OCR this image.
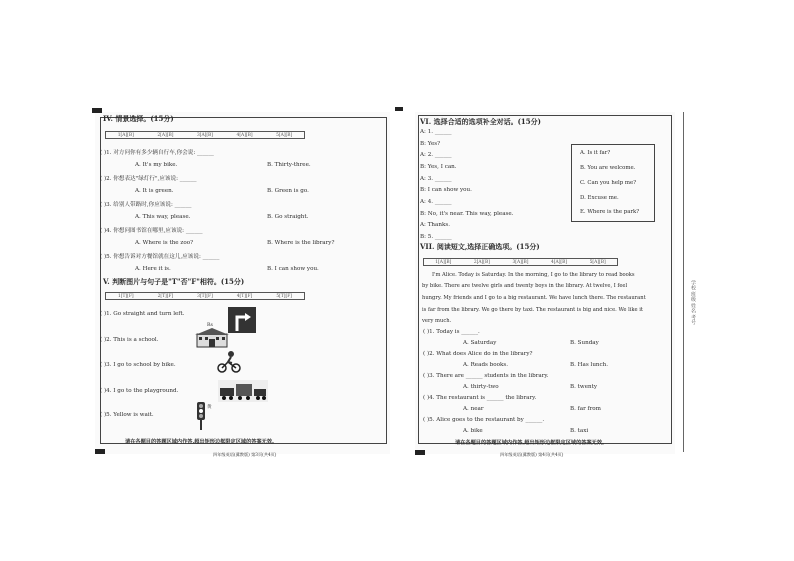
IV. 情景选择。(15分)
1[A][B]	2[A][B]	3[A][B]	4[A][B]	5[A][B]
( )1. 对方问你有多少辆自行车,你会说: ______
A. It's my bike.	B. Thirty-three.
( )2. 你想表达"绿灯行",应该说: ______
A. It is green.	B. Green is go.
( )3. 给别人带路时,你应该说: ______
A. This way, please.	B. Go straight.
( )4. 你想问图书馆在哪里,应该说: ______
A. Where is the zoo?	B. Where is the library?
( )5. 你想告诉对方餐馆就在这儿,应该说: ______
A. Here it is.	B. I can show you.
V. 判断图片与句子是"T"否"F"相符。(15分)
1[T][F]	2[T][F]	3[T][F]	4[T][F]	5[T][F]
( )1. Go straight and turn left.
( )2. This is a school.
( )3. I go to school by bike.
( )4. I go to the playground.
( )5. Yellow is wait.
Rs
黄
请在各题目的答题区域内作答,超出矩形边框限定区域的答案无效。
四年级英语(冀教版) 第3页(共4页)
VI. 选择合适的选项补全对话。(15分)
A: 1. ______
B: Yes?
A: 2. ______
B: Yes, I can.
A: 3. ______
B: I can show you.
A: 4. ______
B: No, it's near. This way, please.
A: Thanks.
B: 5. ______
A. Is it far?
B. You are welcome.
C. Can you help me?
D. Excuse me.
E. Where is the park?
VII. 阅读短文,选择正确选项。(15分)
1[A][B]	2[A][B]	3[A][B]	4[A][B]	5[A][B]
I'm Alice. Today is Saturday. In the morning, I go to the library to read books
by bike. There are twelve girls and twenty boys in the library. At twelve, I feel
hungry. My friends and I go to a big restaurant. We have lunch there. The restaurant
is far from the library. We go there by taxi. The restaurant is big and nice. We like it
very much.
( )1. Today is ______.
A. Saturday	B. Sunday
( )2. What does Alice do in the library?
A. Reads books.	B. Has lunch.
( )3. There are ______ students in the library.
A. thirty-two	B. twenty
( )4. The restaurant is ______ the library.
A. near	B. far from
( )5. Alice goes to the restaurant by ______.
A. bike	B. taxi
请在各题目的答题区域内作答,超出矩形边框限定区域的答案无效。
四年级英语(冀教版) 第4页(共4页)
学校 班级 姓名 考号
